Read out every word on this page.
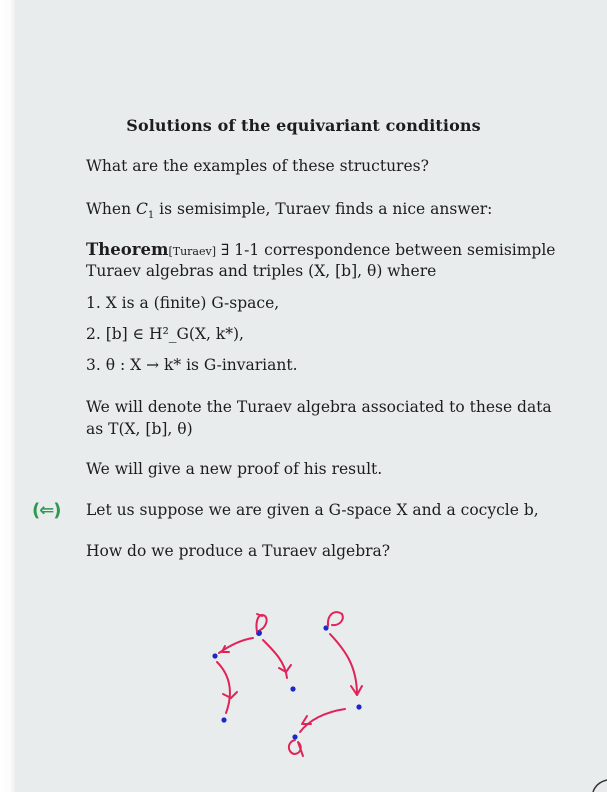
Solutions of the equivariant conditions
What are the examples of these structures?
When $C_1$ is semisimple, Turaev finds a nice answer:
Theorem[Turaev] ∃ 1-1 correspondence between semisimple
Turaev algebras and triples (X, [b], θ) where
1. X is a (finite) G-space,
2. [b] ∈ H²_G(X, k*),
3. θ : X → k* is G-invariant.
We will denote the Turaev algebra associated to these data
as T(X, [b], θ)
We will give a new proof of his result.
(⇐) Let us suppose we are given a G-space X and a cocycle b,
How do we produce a Turaev algebra?
